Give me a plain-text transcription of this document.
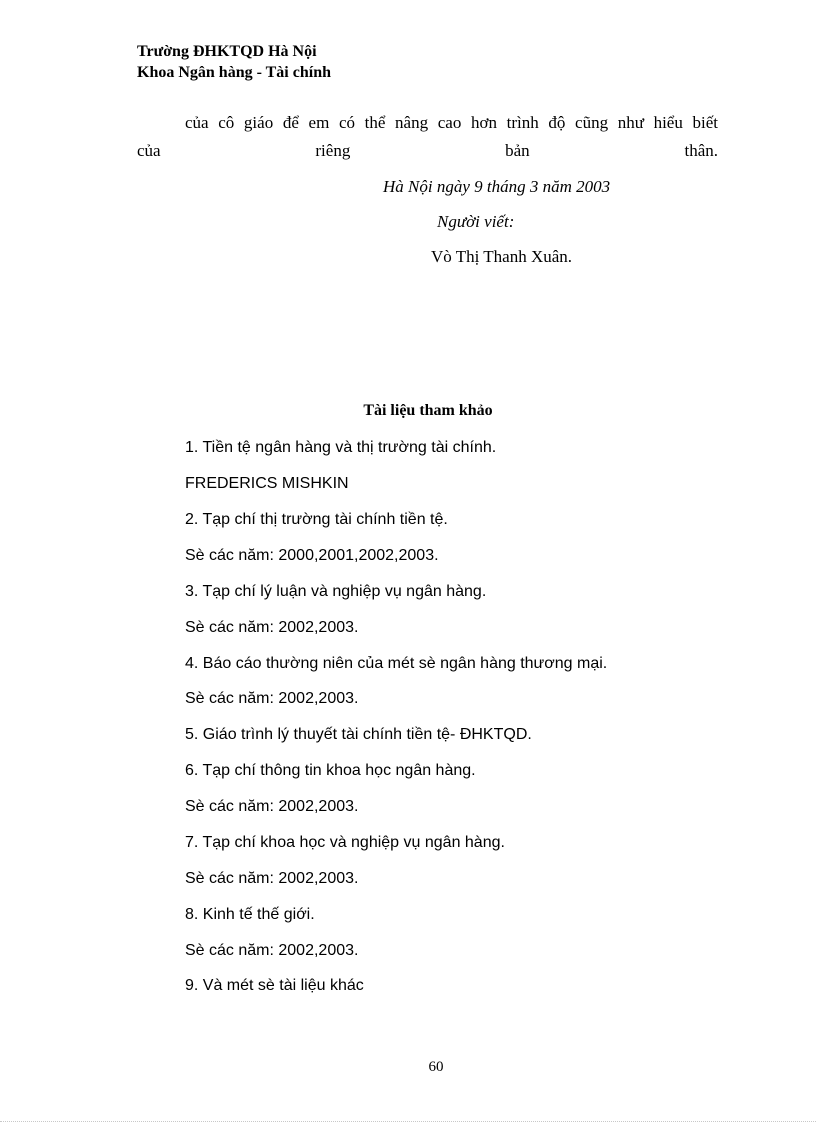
Trường ĐHKTQD Hà Nội
Khoa Ngân hàng - Tài chính
của cô giáo để em có thể nâng cao hơn trình độ cũng như hiểu biết
của riêng bản thân.
Hà Nội ngày 9 tháng 3 năm 2003
Người viết:
Vò Thị Thanh Xuân.
Tài liệu tham khảo
1. Tiền tệ ngân hàng và thị trường tài chính.
FREDERICS MISHKIN
2. Tạp chí thị trường tài chính tiền tệ.
Sè các năm: 2000,2001,2002,2003.
3. Tạp chí lý luận và nghiệp vụ ngân hàng.
Sè các năm: 2002,2003.
4. Báo cáo thường niên của mét sè ngân hàng thương mại.
Sè các năm: 2002,2003.
5. Giáo trình lý thuyết tài chính tiền tệ- ĐHKTQD.
6. Tạp chí thông tin khoa học ngân hàng.
Sè các năm: 2002,2003.
7. Tạp chí khoa học và nghiệp vụ ngân hàng.
Sè các năm: 2002,2003.
8. Kinh tế thế giới.
Sè các năm: 2002,2003.
9. Và mét sè tài liệu khác
60
